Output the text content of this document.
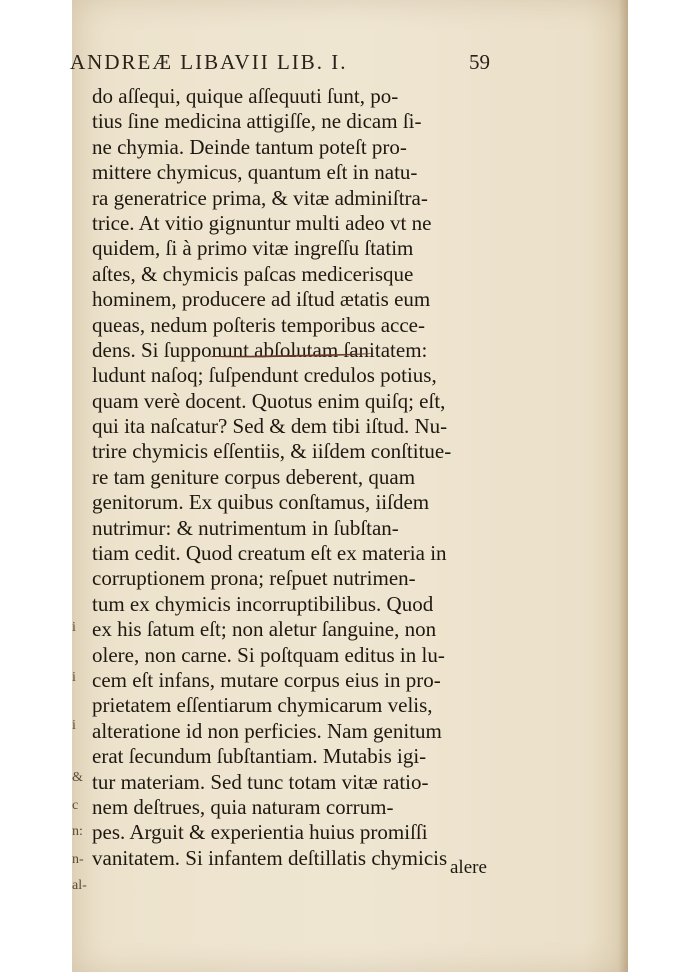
ANDREÆ LIBAVII LIB. I.	59
i
i
i
&
c
n:
n-
al-
do aſſequi, quique aſſequuti ſunt, po-
tius ſine medicina attigiſſe, ne dicam ſi-
ne chymia. Deinde tantum poteſt pro-
mittere chymicus, quantum eſt in natu-
ra generatrice prima, & vitæ adminiſtra-
trice. At vitio gignuntur multi adeo vt ne
quidem, ſi à primo vitæ ingreſſu ſtatim
aſtes, & chymicis paſcas medicerisque
hominem, producere ad iſtud ætatis eum
queas, nedum poſteris temporibus acce-
dens. Si ſupponunt abſolutam ſanitatem:
ludunt naſoq; ſuſpendunt credulos potius,
quam verè docent. Quotus enim quiſq; eſt,
qui ita naſcatur? Sed & dem tibi iſtud. Nu-
trire chymicis eſſentiis, & iiſdem conſtitue-
re tam geniture corpus deberent, quam
genitorum. Ex quibus conſtamus, iiſdem
nutrimur: & nutrimentum in ſubſtan-
tiam cedit. Quod creatum eſt ex materia in
corruptionem prona; reſpuet nutrimen-
tum ex chymicis incorruptibilibus. Quod
ex his ſatum eſt; non aletur ſanguine, non
olere, non carne. Si poſtquam editus in lu-
cem eſt infans, mutare corpus eius in pro-
prietatem eſſentiarum chymicarum velis,
alteratione id non perficies. Nam genitum
erat ſecundum ſubſtantiam. Mutabis igi-
tur materiam. Sed tunc totam vitæ ratio-
nem deſtrues, quia naturam corrum-
pes. Arguit & experientia huius promiſſi
vanitatem. Si infantem deſtillatis chymicis alere
